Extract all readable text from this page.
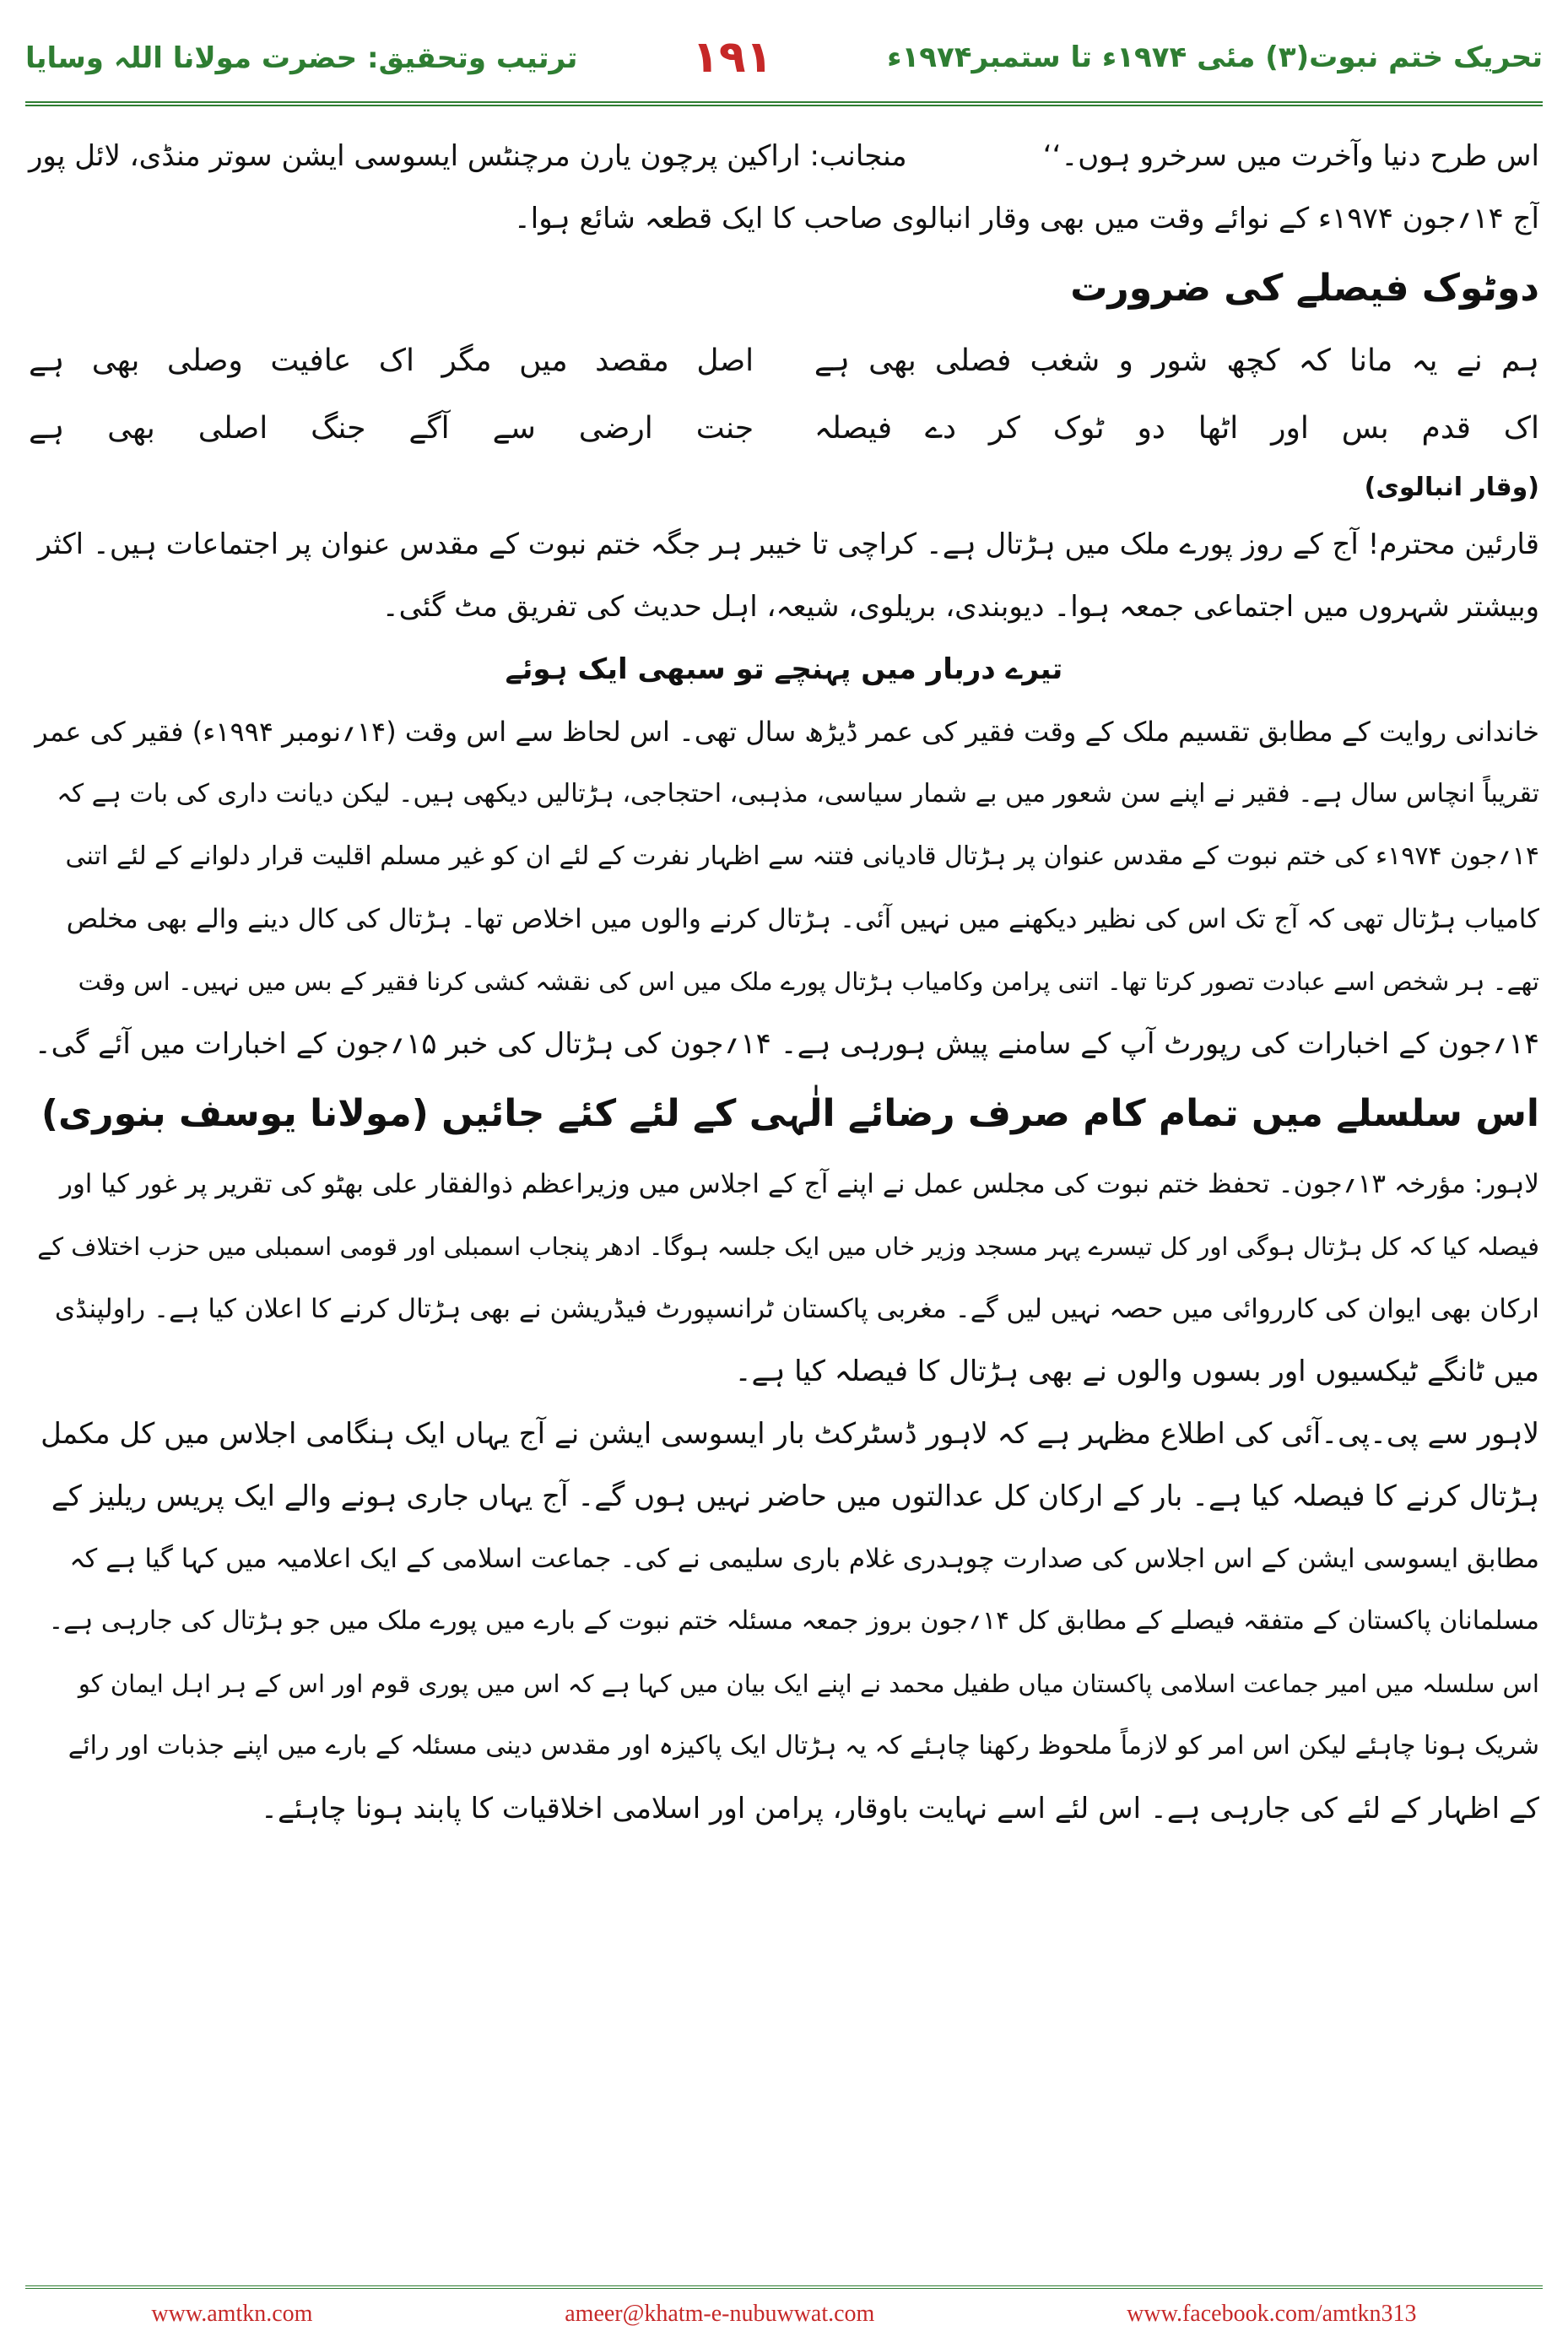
تحریک ختم نبوت(۳) مئی ۱۹۷۴ء تا ستمبر۱۹۷۴ء
۱۹۱
ترتیب وتحقیق: حضرت مولانا اللہ وسایا
اس طرح دنیا وآخرت میں سرخرو ہوں۔‘‘
منجانب: اراکین پرچون یارن مرچنٹس ایسوسی ایشن سوتر منڈی، لائل پور
آج ۱۴؍جون ۱۹۷۴ء کے نوائے وقت میں بھی وقار انبالوی صاحب کا ایک قطعہ شائع ہوا۔
دوٹوک فیصلے کی ضرورت
ہم نے یہ مانا کہ کچھ شور و شغب فصلی بھی ہے
اصل مقصد میں مگر اک عافیت وصلی بھی ہے
اک قدم بس اور اٹھا دو ٹوک کر دے فیصلہ
جنت ارضی سے آگے جنگ اصلی بھی ہے
(وقار انبالوی)
قارئین محترم! آج کے روز پورے ملک میں ہڑتال ہے۔ کراچی تا خیبر ہر جگہ ختم نبوت کے مقدس عنوان پر اجتماعات ہیں۔ اکثر
وبیشتر شہروں میں اجتماعی جمعہ ہوا۔ دیوبندی، بریلوی، شیعہ، اہل حدیث کی تفریق مٹ گئی۔
تیرے دربار میں پہنچے تو سبھی ایک ہوئے
خاندانی روایت کے مطابق تقسیم ملک کے وقت فقیر کی عمر ڈیڑھ سال تھی۔ اس لحاظ سے اس وقت (۱۴؍نومبر ۱۹۹۴ء) فقیر کی عمر
تقریباً انچاس سال ہے۔ فقیر نے اپنے سن شعور میں بے شمار سیاسی، مذہبی، احتجاجی، ہڑتالیں دیکھی ہیں۔ لیکن دیانت داری کی بات ہے کہ
۱۴؍جون ۱۹۷۴ء کی ختم نبوت کے مقدس عنوان پر ہڑتال قادیانی فتنہ سے اظہار نفرت کے لئے ان کو غیر مسلم اقلیت قرار دلوانے کے لئے اتنی
کامیاب ہڑتال تھی کہ آج تک اس کی نظیر دیکھنے میں نہیں آئی۔ ہڑتال کرنے والوں میں اخلاص تھا۔ ہڑتال کی کال دینے والے بھی مخلص
تھے۔ ہر شخص اسے عبادت تصور کرتا تھا۔ اتنی پرامن وکامیاب ہڑتال پورے ملک میں اس کی نقشہ کشی کرنا فقیر کے بس میں نہیں۔ اس وقت
۱۴؍جون کے اخبارات کی رپورٹ آپ کے سامنے پیش ہورہی ہے۔ ۱۴؍جون کی ہڑتال کی خبر ۱۵؍جون کے اخبارات میں آئے گی۔
اس سلسلے میں تمام کام صرف رضائے الٰہی کے لئے کئے جائیں (مولانا یوسف بنوری)
لاہور: مؤرخہ ۱۳؍جون۔ تحفظ ختم نبوت کی مجلس عمل نے اپنے آج کے اجلاس میں وزیراعظم ذوالفقار علی بھٹو کی تقریر پر غور کیا اور
فیصلہ کیا کہ کل ہڑتال ہوگی اور کل تیسرے پہر مسجد وزیر خاں میں ایک جلسہ ہوگا۔ ادھر پنجاب اسمبلی اور قومی اسمبلی میں حزب اختلاف کے
ارکان بھی ایوان کی کارروائی میں حصہ نہیں لیں گے۔ مغربی پاکستان ٹرانسپورٹ فیڈریشن نے بھی ہڑتال کرنے کا اعلان کیا ہے۔ راولپنڈی
میں ٹانگے ٹیکسیوں اور بسوں والوں نے بھی ہڑتال کا فیصلہ کیا ہے۔
لاہور سے پی۔پی۔آئی کی اطلاع مظہر ہے کہ لاہور ڈسٹرکٹ بار ایسوسی ایشن نے آج یہاں ایک ہنگامی اجلاس میں کل مکمل
ہڑتال کرنے کا فیصلہ کیا ہے۔ بار کے ارکان کل عدالتوں میں حاضر نہیں ہوں گے۔ آج یہاں جاری ہونے والے ایک پریس ریلیز کے
مطابق ایسوسی ایشن کے اس اجلاس کی صدارت چوہدری غلام باری سلیمی نے کی۔ جماعت اسلامی کے ایک اعلامیہ میں کہا گیا ہے کہ
مسلمانان پاکستان کے متفقہ فیصلے کے مطابق کل ۱۴؍جون بروز جمعہ مسئلہ ختم نبوت کے بارے میں پورے ملک میں جو ہڑتال کی جارہی ہے۔
اس سلسلہ میں امیر جماعت اسلامی پاکستان میاں طفیل محمد نے اپنے ایک بیان میں کہا ہے کہ اس میں پوری قوم اور اس کے ہر اہل ایمان کو
شریک ہونا چاہئے لیکن اس امر کو لازماً ملحوظ رکھنا چاہئے کہ یہ ہڑتال ایک پاکیزہ اور مقدس دینی مسئلہ کے بارے میں اپنے جذبات اور رائے
کے اظہار کے لئے کی جارہی ہے۔ اس لئے اسے نہایت باوقار، پرامن اور اسلامی اخلاقیات کا پابند ہونا چاہئے۔
www.amtkn.com	ameer@khatm-e-nubuwwat.com	www.facebook.com/amtkn313
